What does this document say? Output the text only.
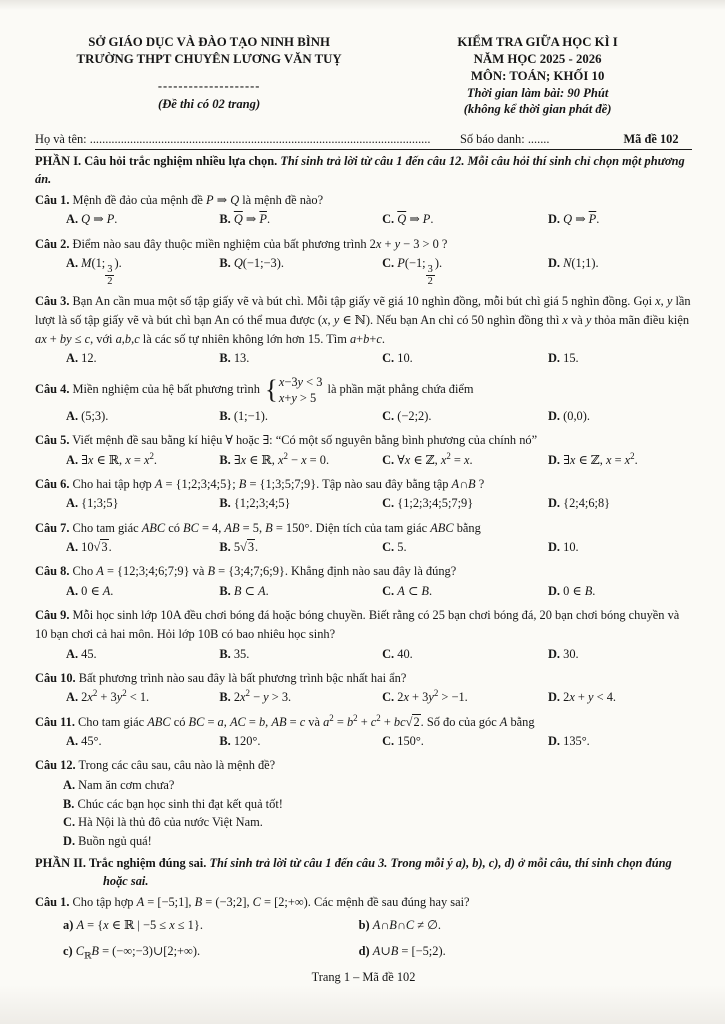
SỞ GIÁO DỤC VÀ ĐÀO TẠO NINH BÌNH
TRƯỜNG THPT CHUYÊN LƯƠNG VĂN TUỴ
--------------------
(Đề thi có 02 trang)
KIỂM TRA GIỮA HỌC KÌ I
NĂM HỌC 2025 - 2026
MÔN: TOÁN; KHỐI 10
Thời gian làm bài: 90 Phút
(không kể thời gian phát đề)
Họ và tên: ..............................................................................................................	Số báo danh: .......	Mã đề 102

PHẦN I. Câu hỏi trắc nghiệm nhiều lựa chọn. Thí sinh trả lời từ câu 1 đến câu 12. Mỗi câu hỏi thí sinh chỉ chọn một phương án.

Câu 1. Mệnh đề đảo của mệnh đề P ⇒ Q là mệnh đề nào?

A. Q ⇒ P.	B. $\overline{Q}$ ⇒ $\overline{P}$.	C. $\overline{Q}$ ⇒ P.	D. Q ⇒ $\overline{P}$.

Câu 2. Điểm nào sau đây thuộc miền nghiệm của bất phương trình 2x + y − 3 > 0 ?

A. M(1;
$\frac{3}{2}$
).	B. Q(−1;−3).	C. P(−1;
$\frac{3}{2}$
).	D. N(1;1).

Câu 3. Bạn An cần mua một số tập giấy vẽ và bút chì. Mỗi tập giấy vẽ giá 10 nghìn đồng, mỗi bút chì giá 5 nghìn đồng. Gọi x, y lần lượt là số tập giấy vẽ và bút chì bạn An có thể mua được (x, y ∈ ℕ). Nếu bạn An chỉ có 50 nghìn đồng thì x và y thỏa mãn điều kiện ax + by ≤ c, với a,b,c là các số tự nhiên không lớn hơn 15. Tìm a+b+c.

A. 12.	B. 13.	C. 10.	D. 15.

Câu 4. Miền nghiệm của hệ bất phương trình { x−3y < 3
x+y > 5
là phần mặt phẳng chứa điểm

A. (5;3).	B. (1;−1).	C. (−2;2).	D. (0,0).

Câu 5. Viết mệnh đề sau bằng kí hiệu ∀ hoặc ∃: “Có một số nguyên bằng bình phương của chính nó”

A. ∃x ∈ ℝ, $x = x^2$.	B. ∃x ∈ ℝ, $x^2 - x = 0$.	C. ∀x ∈ ℤ, $x^2 = x$.	D. ∃x ∈ ℤ, $x = x^2$.

Câu 6. Cho hai tập hợp A = {1;2;3;4;5}; B = {1;3;5;7;9}. Tập nào sau đây bằng tập A∩B ?

A. {1;3;5}	B. {1;2;3;4;5}	C. {1;2;3;4;5;7;9}	D. {2;4;6;8}

Câu 7. Cho tam giác ABC có BC = 4, AB = 5, B = 150°. Diện tích của tam giác ABC bằng

A. 10√3.	B. 5√3.	C. 5.	D. 10.

Câu 8. Cho A = {12;3;4;6;7;9} và B = {3;4;7;6;9}. Khẳng định nào sau đây là đúng?

A. 0 ∈ A.	B. B ⊂ A.	C. A ⊂ B.	D. 0 ∈ B.

Câu 9. Mỗi học sinh lớp 10A đều chơi bóng đá hoặc bóng chuyền. Biết rằng có 25 bạn chơi bóng đá, 20 bạn chơi bóng chuyền và 10 bạn chơi cả hai môn. Hỏi lớp 10B có bao nhiêu học sinh?

A. 45.	B. 35.	C. 40.	D. 30.

Câu 10. Bất phương trình nào sau đây là bất phương trình bậc nhất hai ẩn?

A. $2x^2 + 3y^2 < 1$.	B. $2x^2 - y > 3$.	C. $2x + 3y^2 > -1$.	D. 2x + y < 4.

Câu 11. Cho tam giác ABC có BC = a, AC = b, AB = c và $a^2 = b^2 + c^2 + bc√2$. Số đo của góc A bằng

A. 45°.	B. 120°.	C. 150°.	D. 135°.

Câu 12. Trong các câu sau, câu nào là mệnh đề?

A. Nam ăn cơm chưa?

B. Chúc các bạn học sinh thi đạt kết quả tốt!

C. Hà Nội là thủ đô của nước Việt Nam.

D. Buồn ngủ quá!

PHẦN II. Trắc nghiệm đúng sai. Thí sinh trả lời từ câu 1 đến câu 3. Trong mỗi ý a), b), c), d) ở mỗi câu, thí sinh chọn đúng hoặc sai.

Câu 1. Cho tập hợp A = [−5;1], B = (−3;2], C = [2;+∞). Các mệnh đề sau đúng hay sai?

a) A = {x ∈ ℝ | −5 ≤ x ≤ 1}.	b) A∩B∩C ≠ ∅.
c) $C_ℝB$ = (−∞;−3)∪[2;+∞).	d) A∪B = [−5;2).
Trang 1 – Mã đề 102
